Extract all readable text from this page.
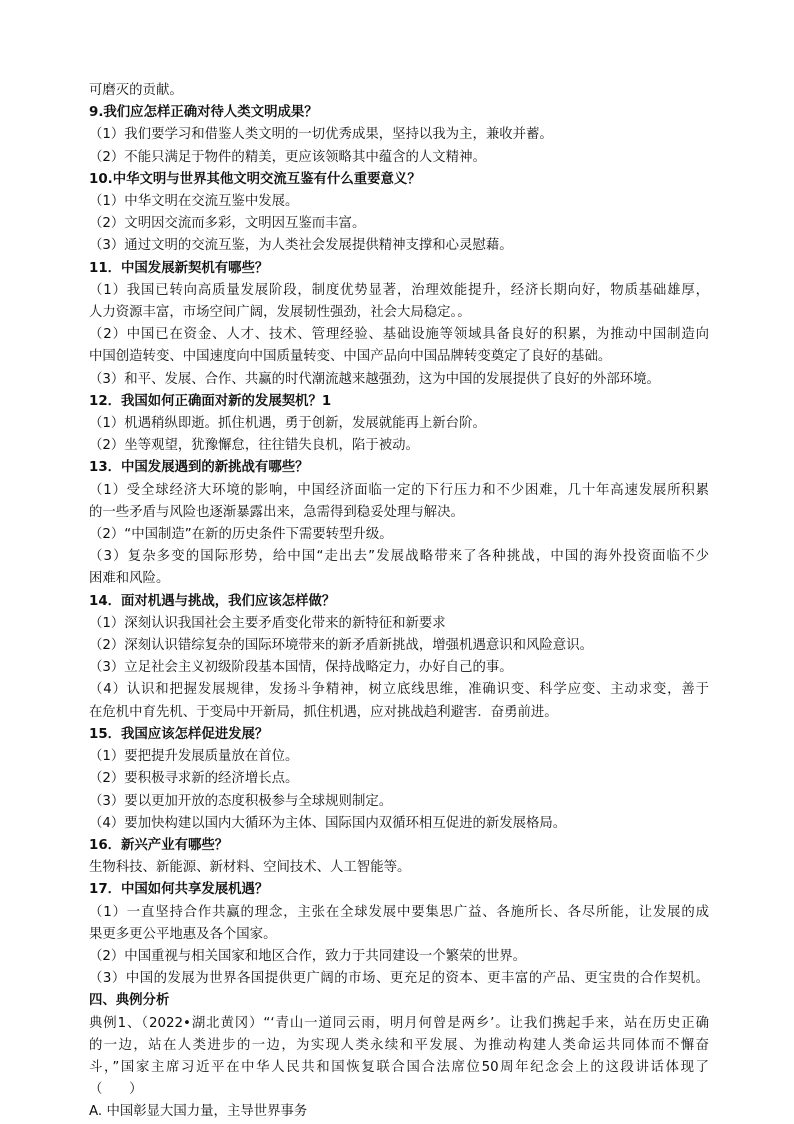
可磨灭的贡献。
9.我们应怎样正确对待人类文明成果？
（1）我们要学习和借鉴人类文明的一切优秀成果，坚持以我为主，兼收并蓄。
（2）不能只满足于物件的精美，更应该领略其中蕴含的人文精神。
10.中华文明与世界其他文明交流互鉴有什么重要意义？
（1）中华文明在交流互鉴中发展。
（2）文明因交流而多彩，文明因互鉴而丰富。
（3）通过文明的交流互鉴，为人类社会发展提供精神支撑和心灵慰藉。
11．中国发展新契机有哪些？
（1）我国已转向高质量发展阶段，制度优势显著，治理效能提升，经济长期向好，物质基础雄厚，
人力资源丰富，市场空间广阔，发展韧性强劲，社会大局稳定。。
（2）中国已在资金、人才、技术、管理经验、基础设施等领域具备良好的积累，为推动中国制造向
中国创造转变、中国速度向中国质量转变、中国产品向中国品牌转变奠定了良好的基础。
（3）和平、发展、合作、共赢的时代潮流越来越强劲，这为中国的发展提供了良好的外部环境。
12．我国如何正确面对新的发展契机？1
（1）机遇稍纵即逝。抓住机遇，勇于创新，发展就能再上新台阶。
（2）坐等观望，犹豫懈怠，往往错失良机，陷于被动。
13．中国发展遇到的新挑战有哪些？
（1）受全球经济大环境的影响，中国经济面临一定的下行压力和不少困难，几十年高速发展所积累
的一些矛盾与风险也逐渐暴露出来，急需得到稳妥处理与解决。
（2）“中国制造”在新的历史条件下需要转型升级。
（3）复杂多变的国际形势，给中国“走出去”发展战略带来了各种挑战，中国的海外投资面临不少
困难和风险。
14．面对机遇与挑战，我们应该怎样做？
（1）深刻认识我国社会主要矛盾变化带来的新特征和新要求
（2）深刻认识错综复杂的国际环境带来的新矛盾新挑战，增强机遇意识和风险意识。
（3）立足社会主义初级阶段基本国情，保持战略定力，办好自己的事。
（4）认识和把握发展规律，发扬斗争精神，树立底线思维，准确识变、科学应变、主动求变，善于
在危机中育先机、于变局中开新局，抓住机遇，应对挑战趋利避害．奋勇前进。
15．我国应该怎样促进发展？
（1）要把提升发展质量放在首位。
（2）要积极寻求新的经济增长点。
（3）要以更加开放的态度积极参与全球规则制定。
（4）要加快构建以国内大循环为主体、国际国内双循环相互促进的新发展格局。
16．新兴产业有哪些？
生物科技、新能源、新材料、空间技术、人工智能等。
17．中国如何共享发展机遇？
（1）一直坚持合作共赢的理念，主张在全球发展中要集思广益、各施所长、各尽所能，让发展的成
果更多更公平地惠及各个国家。
（2）中国重视与相关国家和地区合作，致力于共同建设一个繁荣的世界。
（3）中国的发展为世界各国提供更广阔的市场、更充足的资本、更丰富的产品、更宝贵的合作契机。
四、典例分析
典例1、（2022•湖北黄冈）“‘青山一道同云雨，明月何曾是两乡’。让我们携起手来，站在历史正确
的一边，站在人类进步的一边，为实现人类永续和平发展、为推动构建人类命运共同体而不懈奋
斗，”国家主席习近平在中华人民共和国恢复联合国合法席位50周年纪念会上的这段讲话体现了
（　　）
A. 中国彰显大国力量，主导世界事务
